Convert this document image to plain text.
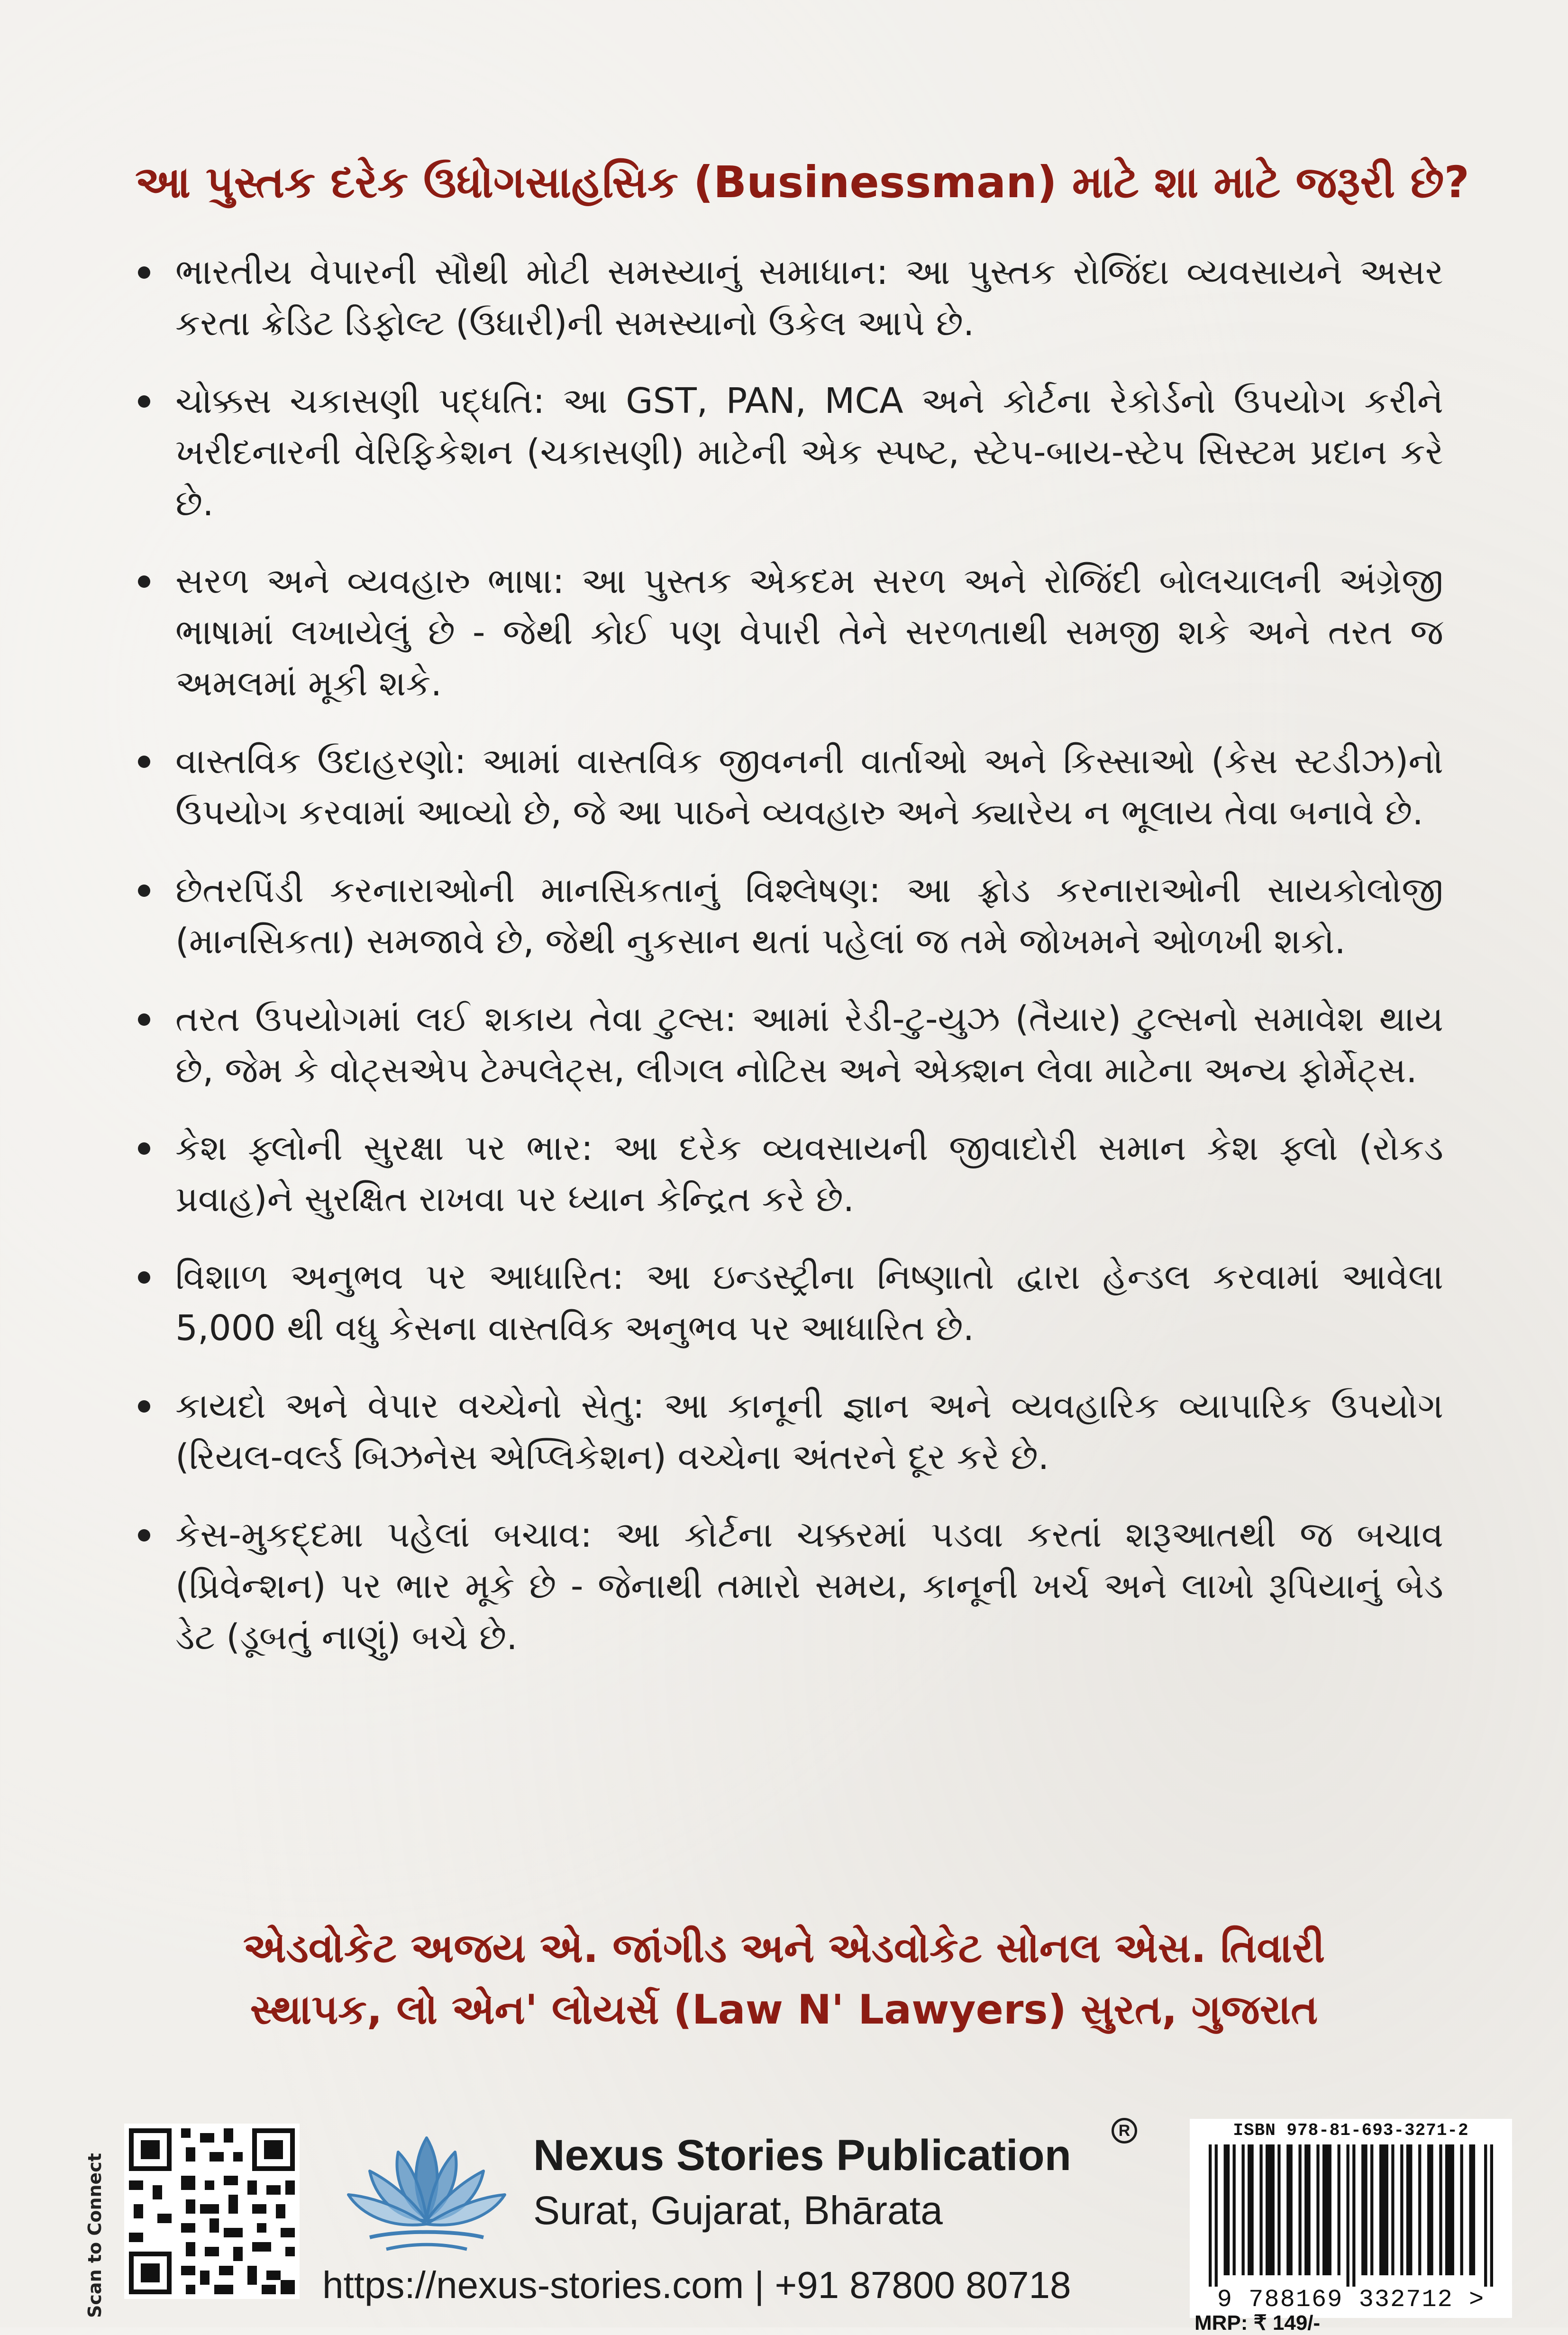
આ પુસ્તક દરેક ઉધોગસાહસિક (Businessman) માટે શા માટે જરૂરી છે?
ભારતીય વેપારની સૌથી મોટી સમસ્યાનું સમાધાન: આ પુસ્તક રોજિંદા વ્યવસાયને અસર કરતા ક્રેડિટ ડિફોલ્ટ (ઉધારી)ની સમસ્યાનો ઉકેલ આપે છે.
ચોક્કસ ચકાસણી પદ્ધતિ: આ GST, PAN, MCA અને કોર્ટના રેકોર્ડનો ઉપયોગ કરીને ખરીદનારની વેરિફિકેશન (ચકાસણી) માટેની એક સ્પષ્ટ, સ્ટેપ-બાય-સ્ટેપ સિસ્ટમ પ્રદાન કરે છે.
સરળ અને વ્યવહારુ ભાષા: આ પુસ્તક એકદમ સરળ અને રોજિંદી બોલચાલની અંગ્રેજી ભાષામાં લખાયેલું છે - જેથી કોઈ પણ વેપારી તેને સરળતાથી સમજી શકે અને તરત જ અમલમાં મૂકી શકે.
વાસ્તવિક ઉદાહરણો: આમાં વાસ્તવિક જીવનની વાર્તાઓ અને કિસ્સાઓ (કેસ સ્ટડીઝ)નો ઉપયોગ કરવામાં આવ્યો છે, જે આ પાઠને વ્યવહારુ અને ક્યારેય ન ભૂલાય તેવા બનાવે છે.
છેતરપિંડી કરનારાઓની માનસિકતાનું વિશ્લેષણ: આ ફ્રોડ કરનારાઓની સાયકોલોજી (માનસિકતા) સમજાવે છે, જેથી નુકસાન થતાં પહેલાં જ તમે જોખમને ઓળખી શકો.
તરત ઉપયોગમાં લઈ શકાય તેવા ટુલ્સ: આમાં રેડી-ટુ-યુઝ (તૈયાર) ટુલ્સનો સમાવેશ થાય છે, જેમ કે વોટ્સએપ ટેમ્પલેટ્સ, લીગલ નોટિસ અને એક્શન લેવા માટેના અન્ય ફોર્મેટ્સ.
કેશ ફ્લોની સુરક્ષા પર ભાર: આ દરેક વ્યવસાયની જીવાદોરી સમાન કેશ ફ્લો (રોકડ પ્રવાહ)ને સુરક્ષિત રાખવા પર ધ્યાન કેન્દ્રિત કરે છે.
વિશાળ અનુભવ પર આધારિત: આ ઇન્ડસ્ટ્રીના નિષ્ણાતો દ્વારા હેન્ડલ કરવામાં આવેલા 5,000 થી વધુ કેસના વાસ્તવિક અનુભવ પર આધારિત છે.
કાયદો અને વેપાર વચ્ચેનો સેતુ: આ કાનૂની જ્ઞાન અને વ્યવહારિક વ્યાપારિક ઉપયોગ (રિયલ-વર્લ્ડ બિઝનેસ એપ્લિકેશન) વચ્ચેના અંતરને દૂર કરે છે.
કેસ-મુકદ્દમા પહેલાં બચાવ: આ કોર્ટના ચક્કરમાં પડવા કરતાં શરૂઆતથી જ બચાવ (પ્રિવેન્શન) પર ભાર મૂકે છે - જેનાથી તમારો સમય, કાનૂની ખર્ચ અને લાખો રૂપિયાનું બેડ ડેટ (ડૂબતું નાણું) બચે છે.
એડવોકેટ અજય એ. જાંગીડ અને એડવોકેટ સોનલ એસ. તિવારી
સ્થાપક, લો એન' લોયર્સ (Law N' Lawyers) સુરત, ગુજરાત
Scan to Connect	Nexus Stories Publication
R
Surat, Gujarat, Bhārata
https://nexus-stories.com | +91 87800 80718
ISBN 978-81-693-3271-2
9 788169 332712 >
MRP: ₹ 149/-
